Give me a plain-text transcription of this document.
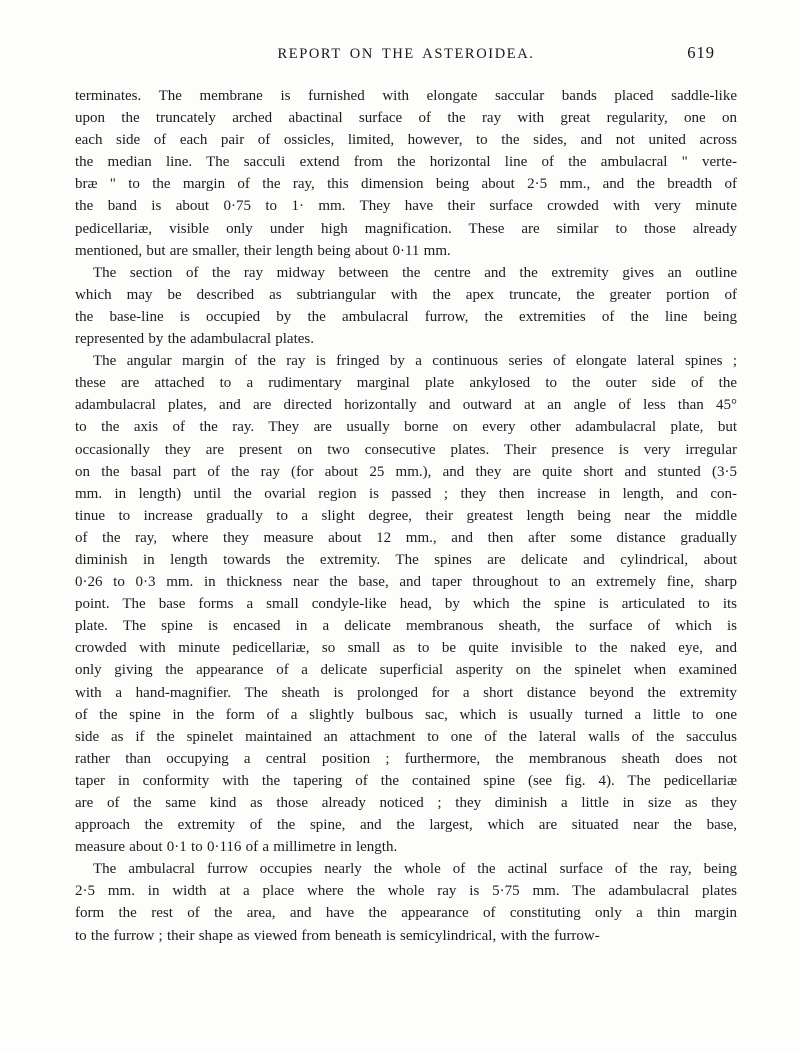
REPORT ON THE ASTEROIDEA.	619
terminates. The membrane is furnished with elongate saccular bands placed saddle-like
upon the truncately arched abactinal surface of the ray with great regularity, one on
each side of each pair of ossicles, limited, however, to the sides, and not united across
the median line. The sacculi extend from the horizontal line of the ambulacral " verte-
bræ " to the margin of the ray, this dimension being about 2·5 mm., and the breadth of
the band is about 0·75 to 1· mm. They have their surface crowded with very minute
pedicellariæ, visible only under high magnification. These are similar to those already
mentioned, but are smaller, their length being about 0·11 mm.
The section of the ray midway between the centre and the extremity gives an outline
which may be described as subtriangular with the apex truncate, the greater portion of
the base-line is occupied by the ambulacral furrow, the extremities of the line being
represented by the adambulacral plates.
The angular margin of the ray is fringed by a continuous series of elongate lateral spines ;
these are attached to a rudimentary marginal plate ankylosed to the outer side of the
adambulacral plates, and are directed horizontally and outward at an angle of less than 45°
to the axis of the ray. They are usually borne on every other adambulacral plate, but
occasionally they are present on two consecutive plates. Their presence is very irregular
on the basal part of the ray (for about 25 mm.), and they are quite short and stunted (3·5
mm. in length) until the ovarial region is passed ; they then increase in length, and con-
tinue to increase gradually to a slight degree, their greatest length being near the middle
of the ray, where they measure about 12 mm., and then after some distance gradually
diminish in length towards the extremity. The spines are delicate and cylindrical, about
0·26 to 0·3 mm. in thickness near the base, and taper throughout to an extremely fine, sharp
point. The base forms a small condyle-like head, by which the spine is articulated to its
plate. The spine is encased in a delicate membranous sheath, the surface of which is
crowded with minute pedicellariæ, so small as to be quite invisible to the naked eye, and
only giving the appearance of a delicate superficial asperity on the spinelet when examined
with a hand-magnifier. The sheath is prolonged for a short distance beyond the extremity
of the spine in the form of a slightly bulbous sac, which is usually turned a little to one
side as if the spinelet maintained an attachment to one of the lateral walls of the sacculus
rather than occupying a central position ; furthermore, the membranous sheath does not
taper in conformity with the tapering of the contained spine (see fig. 4). The pedicellariæ
are of the same kind as those already noticed ; they diminish a little in size as they
approach the extremity of the spine, and the largest, which are situated near the base,
measure about 0·1 to 0·116 of a millimetre in length.
The ambulacral furrow occupies nearly the whole of the actinal surface of the ray, being
2·5 mm. in width at a place where the whole ray is 5·75 mm. The adambulacral plates
form the rest of the area, and have the appearance of constituting only a thin margin
to the furrow ; their shape as viewed from beneath is semicylindrical, with the furrow-
